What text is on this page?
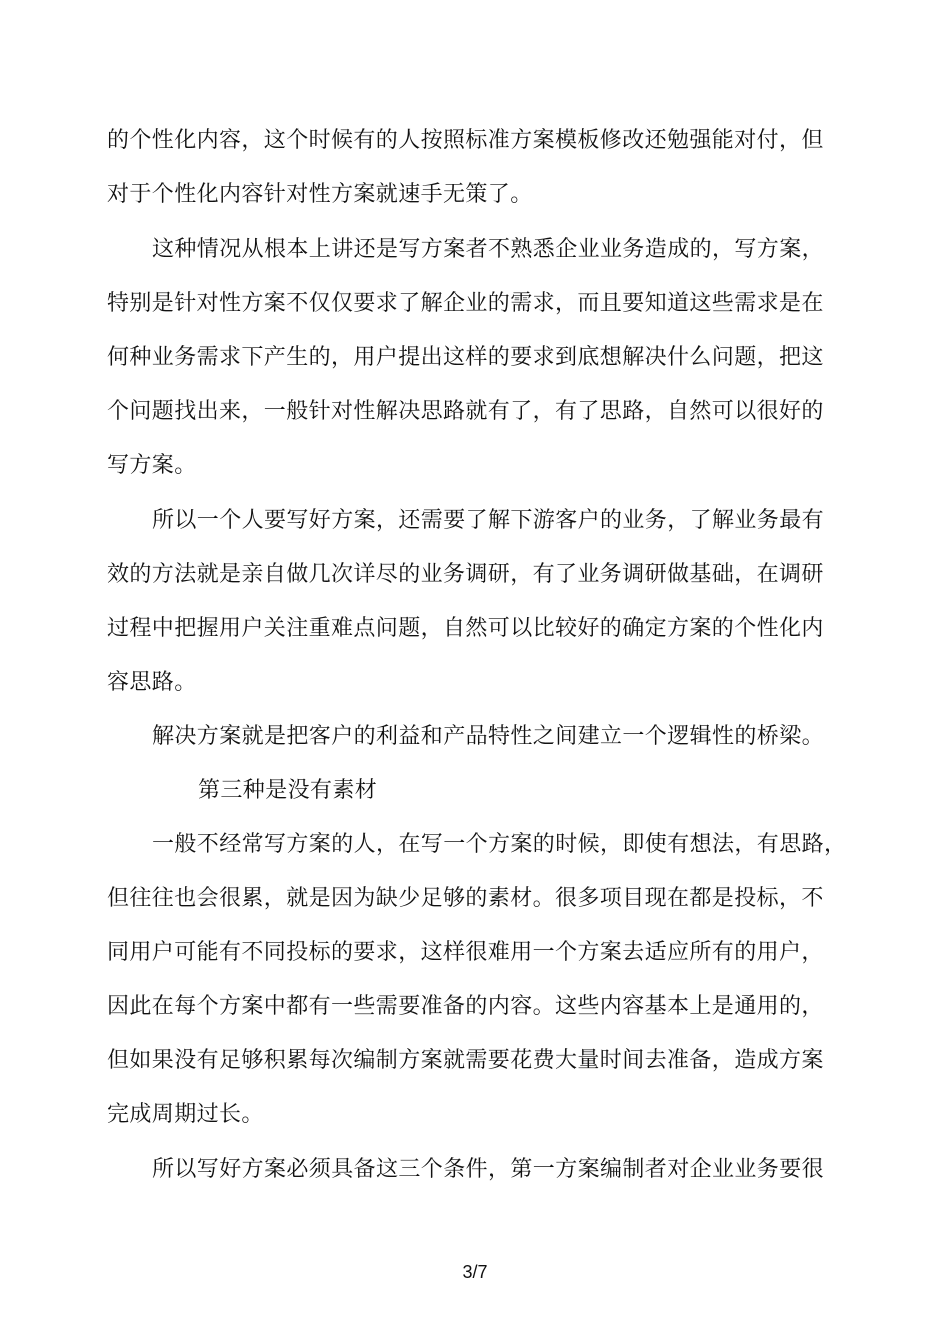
的个性化内容，这个时候有的人按照标准方案模板修改还勉强能对付，但
对于个性化内容针对性方案就速手无策了。
这种情况从根本上讲还是写方案者不熟悉企业业务造成的，写方案，
特别是针对性方案不仅仅要求了解企业的需求，而且要知道这些需求是在
何种业务需求下产生的，用户提出这样的要求到底想解决什么问题，把这
个问题找出来，一般针对性解决思路就有了，有了思路，自然可以很好的
写方案。
所以一个人要写好方案，还需要了解下游客户的业务，了解业务最有
效的方法就是亲自做几次详尽的业务调研，有了业务调研做基础，在调研
过程中把握用户关注重难点问题，自然可以比较好的确定方案的个性化内
容思路。
解决方案就是把客户的利益和产品特性之间建立一个逻辑性的桥梁。
第三种是没有素材
一般不经常写方案的人，在写一个方案的时候，即使有想法，有思路，
但往往也会很累，就是因为缺少足够的素材。很多项目现在都是投标，不
同用户可能有不同投标的要求，这样很难用一个方案去适应所有的用户，
因此在每个方案中都有一些需要准备的内容。这些内容基本上是通用的，
但如果没有足够积累每次编制方案就需要花费大量时间去准备，造成方案
完成周期过长。
所以写好方案必须具备这三个条件，第一方案编制者对企业业务要很
3/7
